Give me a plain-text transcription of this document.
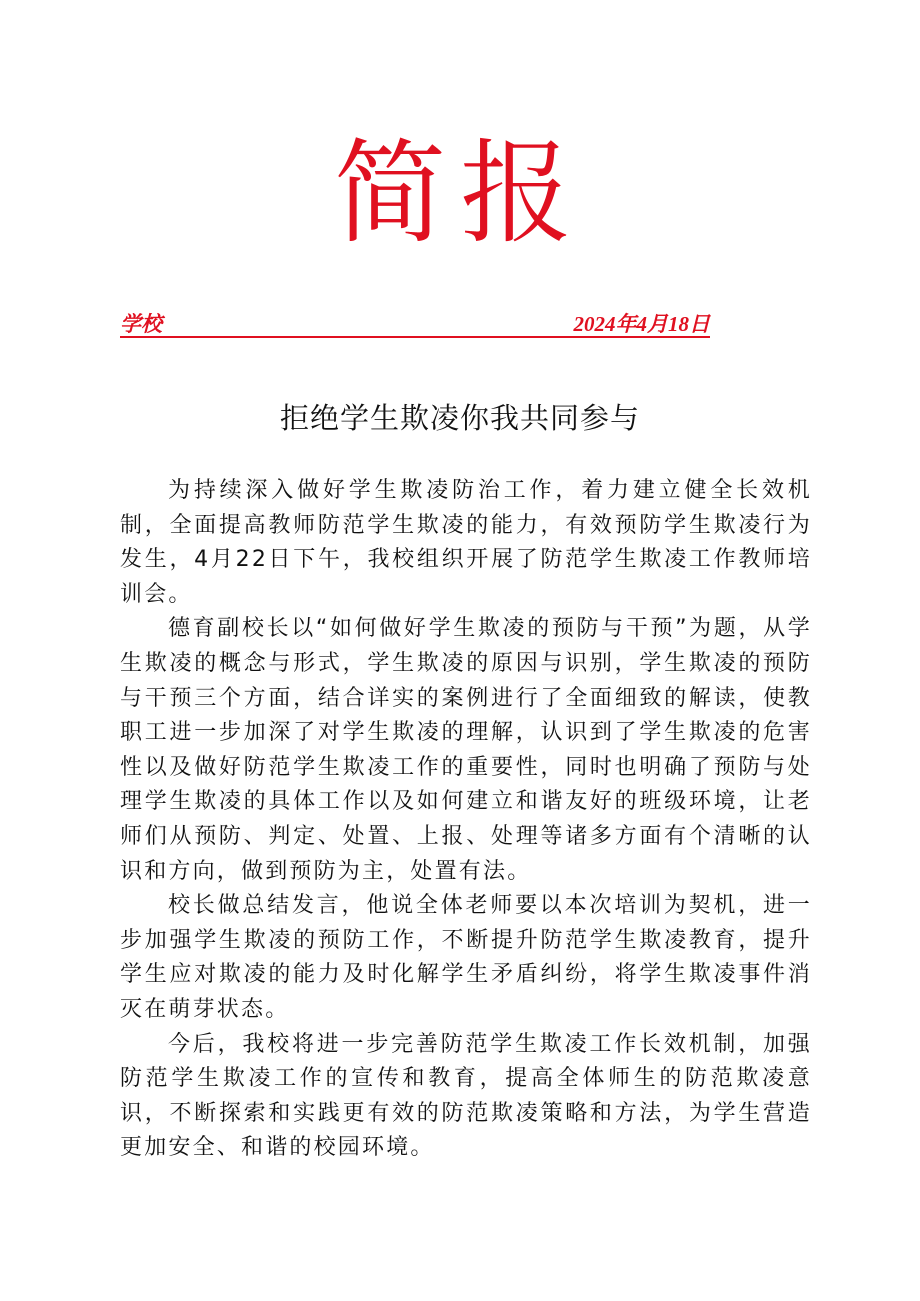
简报
学校	2024年4月18日
拒绝学生欺凌你我共同参与

为持续深入做好学生欺凌防治工作，着力建立健全长效机制，全面提高教师防范学生欺凌的能力，有效预防学生欺凌行为发生，4月22日下午，我校组织开展了防范学生欺凌工作教师培训会。

德育副校长以“如何做好学生欺凌的预防与干预”为题，从学生欺凌的概念与形式，学生欺凌的原因与识别，学生欺凌的预防与干预三个方面，结合详实的案例进行了全面细致的解读，使教职工进一步加深了对学生欺凌的理解，认识到了学生欺凌的危害性以及做好防范学生欺凌工作的重要性，同时也明确了预防与处理学生欺凌的具体工作以及如何建立和谐友好的班级环境，让老师们从预防、判定、处置、上报、处理等诸多方面有个清晰的认识和方向，做到预防为主，处置有法。

校长做总结发言，他说全体老师要以本次培训为契机，进一步加强学生欺凌的预防工作，不断提升防范学生欺凌教育，提升学生应对欺凌的能力及时化解学生矛盾纠纷，将学生欺凌事件消灭在萌芽状态。

今后，我校将进一步完善防范学生欺凌工作长效机制，加强防范学生欺凌工作的宣传和教育，提高全体师生的防范欺凌意识，不断探索和实践更有效的防范欺凌策略和方法，为学生营造更加安全、和谐的校园环境。
